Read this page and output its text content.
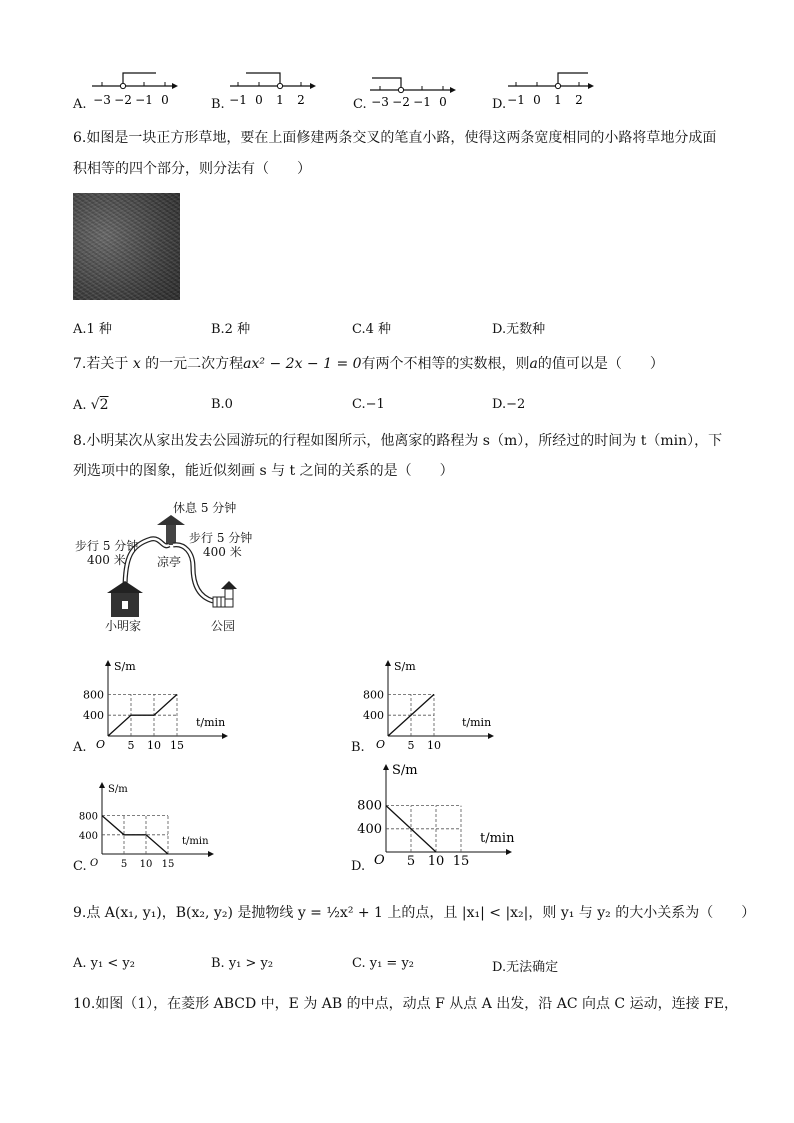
A. −3 −2 −1 0	B. −1 0 1 2	C. −3 −2 −1 0	D. −1 0 1 2
6.如图是一块正方形草地，要在上面修建两条交叉的笔直小路，使得这两条宽度相同的小路将草地分成面
积相等的四个部分，则分法有（　　）
A.1 种	B.2 种	C.4 种	D.无数种
7.若关于 x 的一元二次方程ax² − 2x − 1 = 0有两个不相等的实数根，则a的值可以是（　　）
A. √2	B.0	C.−1	D.−2
8.小明某次从家出发去公园游玩的行程如图所示，他离家的路程为 s（m），所经过的时间为 t（min），下
列选项中的图象，能近似刻画 s 与 t 之间的关系的是（　　）
休息 5 分钟
步行 5 分钟
400 米
步行 5 分钟
400 米
凉亭
小明家	公园
A. O
S/m
t/min
400
800
5 10 15	B. O
S/m
t/min
400
800
5 10
C. O
S/m
t/min
400
800
5 10 15	D. O
S/m
t/min
400
800
5 10 15
9.点 A(x₁, y₁)，B(x₂, y₂) 是抛物线 y = ½x² + 1 上的点，且 |x₁| < |x₂|，则 y₁ 与 y₂ 的大小关系为（　　）
A. y₁ < y₂	B. y₁ > y₂	C. y₁ = y₂	D.无法确定
10.如图（1），在菱形 ABCD 中，E 为 AB 的中点，动点 F 从点 A 出发，沿 AC 向点 C 运动，连接 FE，
